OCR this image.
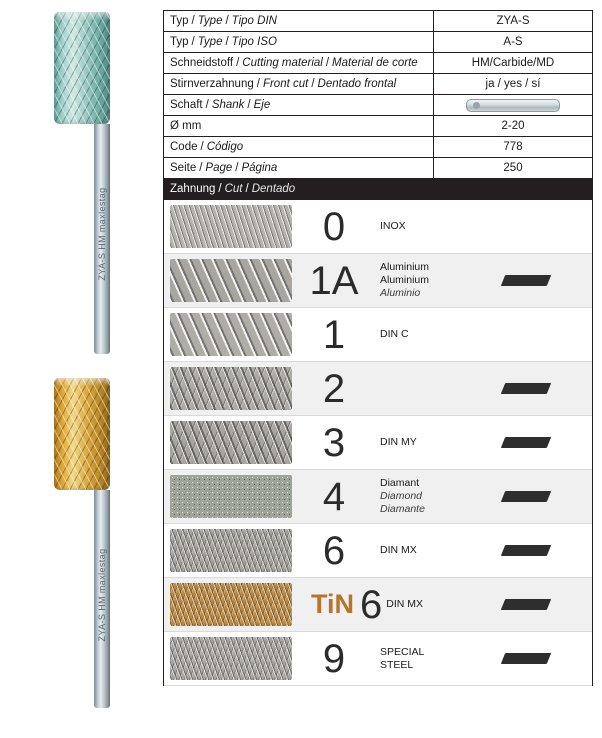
ZYA-S HM maxlestag
ZYA-S HM maxlestag
Typ / Type / Tipo DIN	ZYA-S
Typ / Type / Tipo ISO	A-S
Schneidstoff / Cutting material / Material de corte	HM/Carbide/MD
Stirnverzahnung / Front cut / Dentado frontal	ja / yes / sí
Schaft / Shank / Eje
Ø mm	2-20
Code / Código	778
Seite / Page / Página	250
Zahnung / Cut / Dentado
0	INOX
1A	Aluminium
Aluminium
Aluminio
1	DIN C
2
3	DIN MY
4	Diamant
Diamond
Diamante
6	DIN MX
TiN 6 DIN MX
9	SPECIAL
STEEL
